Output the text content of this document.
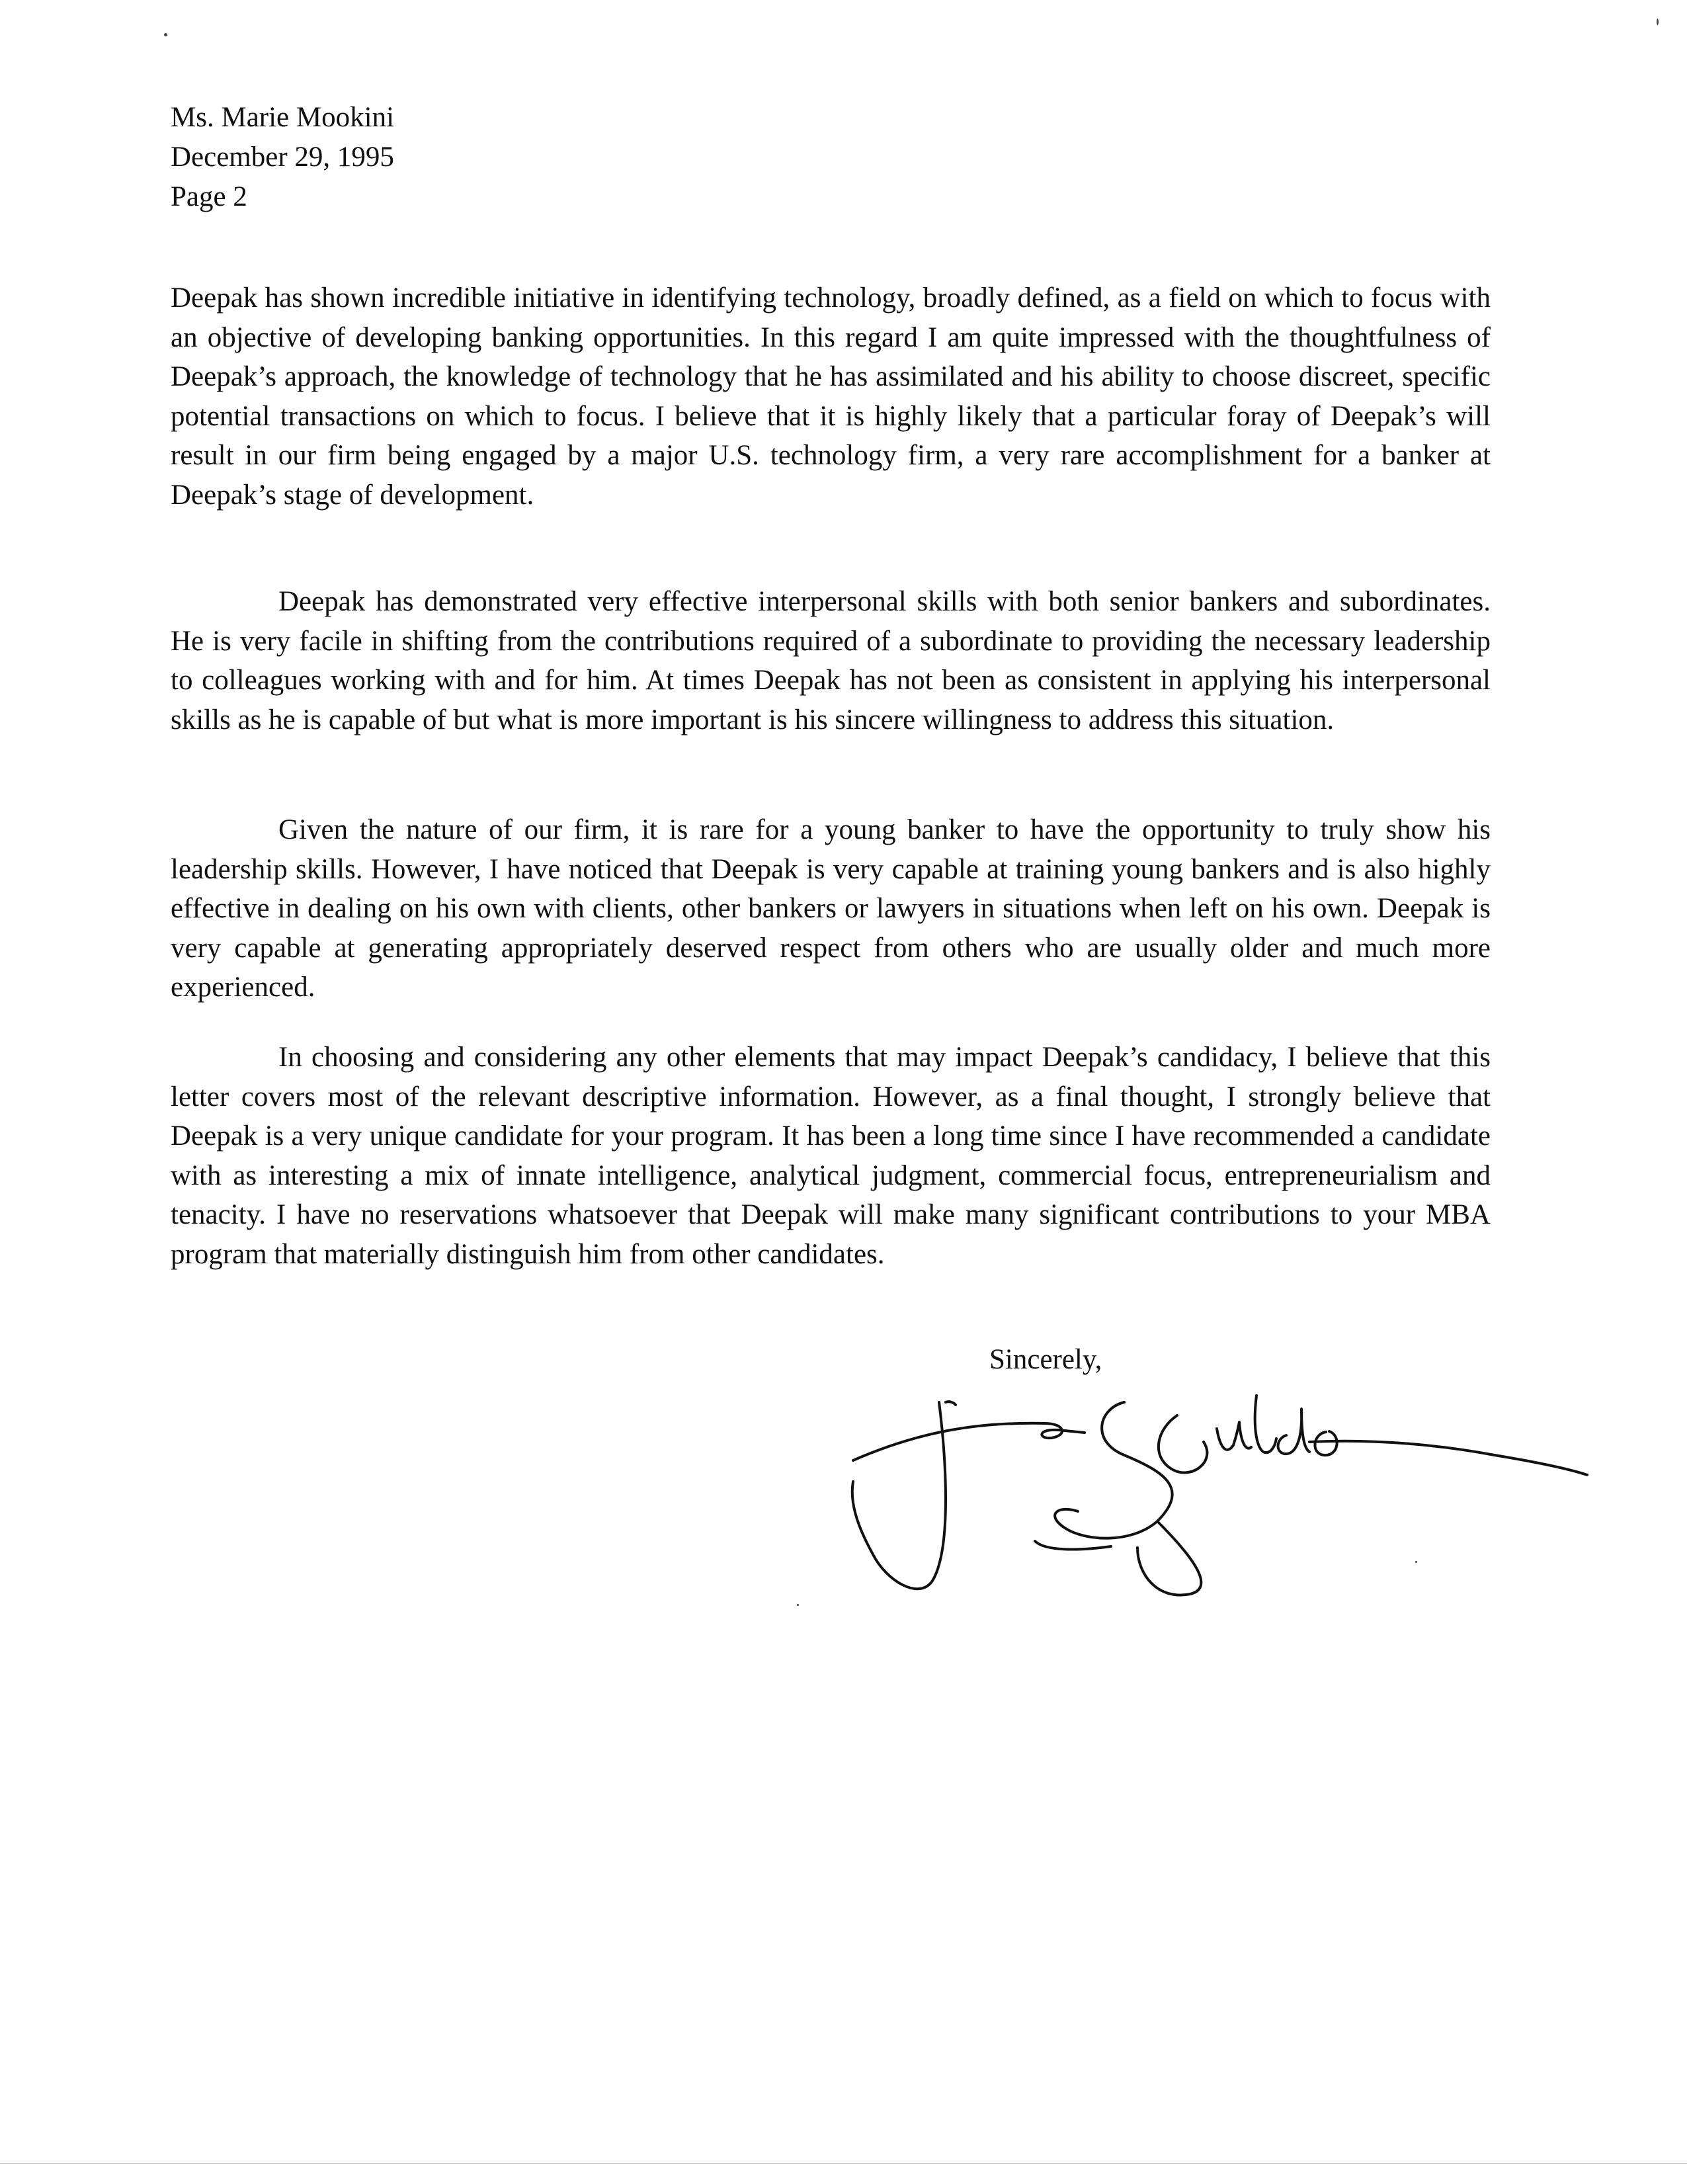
Ms. Marie Mookini
December 29, 1995
Page 2

Deepak has shown incredible initiative in identifying technology, broadly defined, as a field on which to focus with an objective of developing banking opportunities. In this regard I am quite impressed with the thoughtfulness of Deepak’s approach, the knowledge of technology that he has assimilated and his ability to choose discreet, specific potential transactions on which to focus. I believe that it is highly likely that a particular foray of Deepak’s will result in our firm being engaged by a major U.S. technology firm, a very rare accomplishment for a banker at Deepak’s stage of development.

Deepak has demonstrated very effective interpersonal skills with both senior bankers and subordinates. He is very facile in shifting from the contributions required of a subordinate to providing the necessary leadership to colleagues working with and for him. At times Deepak has not been as consistent in applying his interpersonal skills as he is capable of but what is more important is his sincere willingness to address this situation.

Given the nature of our firm, it is rare for a young banker to have the opportunity to truly show his leadership skills. However, I have noticed that Deepak is very capable at training young bankers and is also highly effective in dealing on his own with clients, other bankers or lawyers in situations when left on his own. Deepak is very capable at generating appropriately deserved respect from others who are usually older and much more experienced.

In choosing and considering any other elements that may impact Deepak’s candidacy, I believe that this letter covers most of the relevant descriptive information. However, as a final thought, I strongly believe that Deepak is a very unique candidate for your program. It has been a long time since I have recommended a candidate with as interesting a mix of innate intelligence, analytical judgment, commercial focus, entrepreneurialism and tenacity. I have no reservations whatsoever that Deepak will make many significant contributions to your MBA program that materially distinguish him from other candidates.

Sincerely,
